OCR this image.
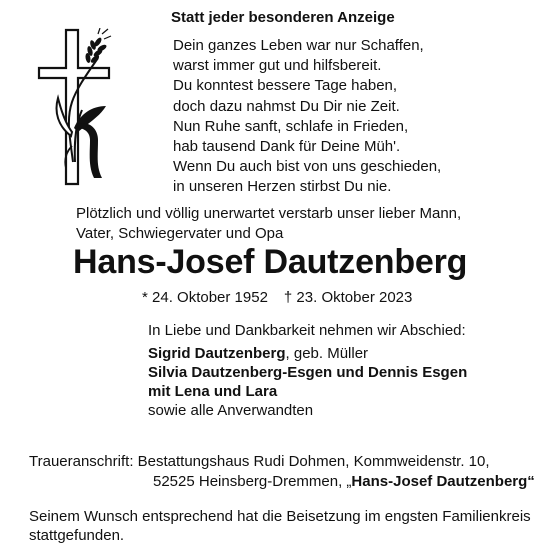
Statt jeder besonderen Anzeige
Dein ganzes Leben war nur Schaffen,
warst immer gut und hilfsbereit.
Du konntest bessere Tage haben,
doch dazu nahmst Du Dir nie Zeit.
Nun Ruhe sanft, schlafe in Frieden,
hab tausend Dank für Deine Müh'.
Wenn Du auch bist von uns geschieden,
in unseren Herzen stirbst Du nie.
Plötzlich und völlig unerwartet verstarb unser lieber Mann,
Vater, Schwiegervater und Opa
Hans-Josef Dautzenberg
* 24. Oktober 1952 † 23. Oktober 2023
In Liebe und Dankbarkeit nehmen wir Abschied:
Sigrid Dautzenberg, geb. Müller
Silvia Dautzenberg-Esgen und Dennis Esgen
mit Lena und Lara
sowie alle Anverwandten
Traueranschrift: Bestattungshaus Rudi Dohmen, Kommweidenstr. 10,
52525 Heinsberg-Dremmen, „Hans-Josef Dautzenberg“
Seinem Wunsch entsprechend hat die Beisetzung im engsten Familienkreis
stattgefunden.
